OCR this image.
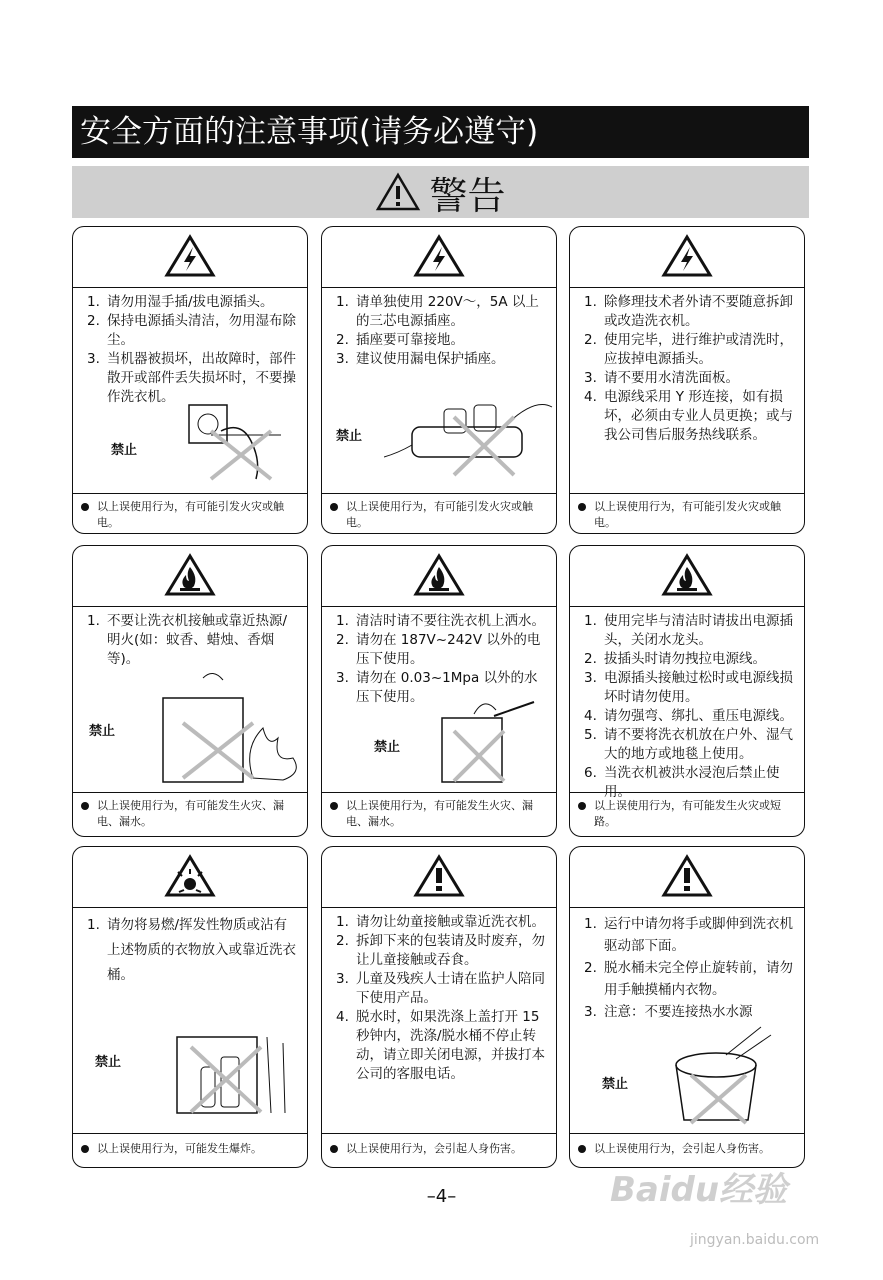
安全方面的注意事项(请务必遵守)
警告
1. 请勿用湿手插/拔电源插头。
2. 保持电源插头清洁，勿用湿布除尘。
3. 当机器被损坏，出故障时，部件散开或部件丢失损坏时，不要操作洗衣机。
禁止
以上误使用行为，有可能引发火灾或触电。
1. 请单独使用 220V～，5A 以上的三芯电源插座。
2. 插座要可靠接地。
3. 建议使用漏电保护插座。
禁止
以上误使用行为，有可能引发火灾或触电。
1. 除修理技术者外请不要随意拆卸或改造洗衣机。
2. 使用完毕，进行维护或清洗时，应拔掉电源插头。
3. 请不要用水清洗面板。
4. 电源线采用 Y 形连接，如有损坏，必须由专业人员更换；或与我公司售后服务热线联系。
以上误使用行为，有可能引发火灾或触电。
1. 不要让洗衣机接触或靠近热源/明火(如：蚊香、蜡烛、香烟等)。
禁止
以上误使用行为，有可能发生火灾、漏电、漏水。
1. 清洁时请不要往洗衣机上洒水。
2. 请勿在 187V~242V 以外的电压下使用。
3. 请勿在 0.03~1Mpa 以外的水压下使用。
禁止
以上误使用行为，有可能发生火灾、漏电、漏水。
1. 使用完毕与清洁时请拔出电源插头，关闭水龙头。
2. 拔插头时请勿拽拉电源线。
3. 电源插头接触过松时或电源线损坏时请勿使用。
4. 请勿强弯、绑扎、重压电源线。
5. 请不要将洗衣机放在户外、湿气大的地方或地毯上使用。
6. 当洗衣机被洪水浸泡后禁止使用。
以上误使用行为，有可能发生火灾或短路。
1. 请勿将易燃/挥发性物质或沾有上述物质的衣物放入或靠近洗衣桶。
禁止
以上误使用行为，可能发生爆炸。
1. 请勿让幼童接触或靠近洗衣机。
2. 拆卸下来的包装请及时废弃，勿让儿童接触或吞食。
3. 儿童及残疾人士请在监护人陪同下使用产品。
4. 脱水时，如果洗涤上盖打开 15 秒钟内，洗涤/脱水桶不停止转动，请立即关闭电源，并拔打本公司的客服电话。
以上误使用行为，会引起人身伤害。
1. 运行中请勿将手或脚伸到洗衣机驱动部下面。
2. 脱水桶未完全停止旋转前，请勿用手触摸桶内衣物。
3. 注意：不要连接热水水源
禁止
以上误使用行为，会引起人身伤害。
–4–	Baidu经验
jingyan.baidu.com
